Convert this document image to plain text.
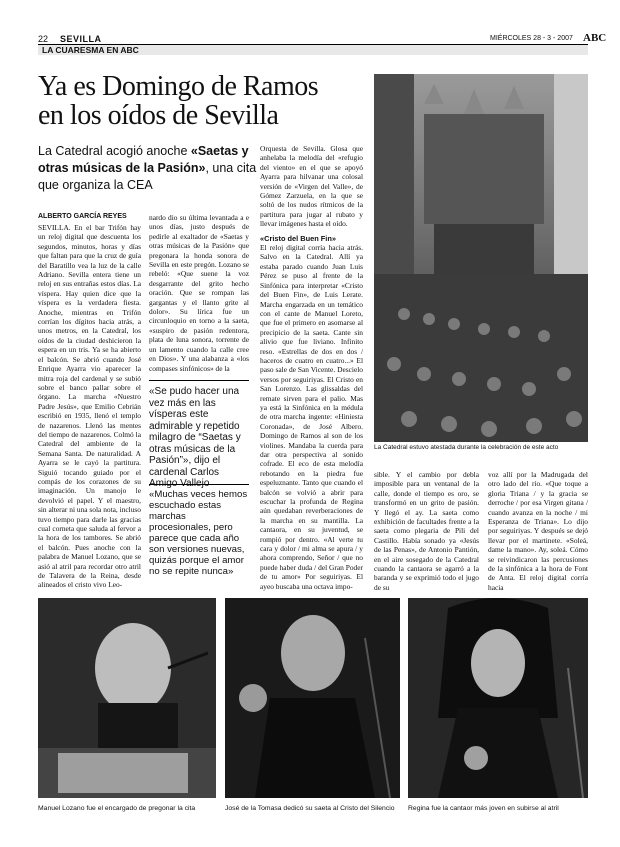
22 SEVILLA	MIÉRCOLES 28 - 3 - 2007 ABC
LA CUARESMA EN ABC
Ya es Domingo de Ramos
en los oídos de Sevilla
La Catedral acogió anoche «Saetas y otras músicas de la Pasión», una cita que organiza la CEA
ALBERTO GARCÍA REYES
SEVILLA. En el bar Trifón hay un reloj digital que descuenta los segundos, minutos, horas y días que faltan para que la cruz de guía del Baratillo vea la luz de la calle Adriano. Sevilla entera tiene un reloj en sus entrañas estos días. La víspera. Hay quien dice que la víspera es la verdadera fiesta. Anoche, mientras en Trifón corrían los dígitos hacia atrás, a unos metros, en la Catedral, los oídos de la ciudad deshicieron la espera en un tris. Ya se ha abierto el balcón. Se abrió cuando José Enrique Ayarra vio aparecer la mitra roja del cardenal y se subió sobre el banco pallar sobre el órgano. La marcha «Nuestro Padre Jesús», que Emilio Cebrián escribió en 1935, llenó el templo de nazarenos. Llenó las mentes del tiempo de nazarenos. Colmó la Catedral del ambiente de la Semana Santa. De naturalidad. A Ayarra se le cayó la partitura. Siguió tocando guiado por el compás de los corazones de su imaginación. Un manojo le devolvió el papel. Y el maestro, sin alterar ni una sola nota, incluso tuvo tiempo para darle las gracias cual corneta que saluda al fervor a la hora de los tambores. Se abrió el balcón. Pues anoche con la palabra de Manuel Lozano, que se asió al atril para recordar otro atril de Talavera de la Reina, desde alineados el cristo vivo Leo-
nardo dio su última levantada a e unos días, justo después de pedirle al exaltador de «Saetas y otras músicas de la Pasión» que pregonara la honda sonora de Sevilla en este pregón. Lozano se rebeló: «Que suene la voz desgarrante del grito hecho oración. Que se rompan las gargantas y el llanto grite al dolor». Su lírica fue un circunloquio en torno a la saeta, «suspiro de pasión redentora, plata de luna sonora, torrente de un lamento cuando la calle cree en Dios». Y una alabanza a «los compases sinfónicos» de la
«Se pudo hacer una vez más en las vísperas este admirable y repetido milagro de “Saetas y otras músicas de la Pasión”», dijo el cardenal Carlos
«Muchas veces hemos escuchado estas marchas procesionales, pero parece que cada año son versiones nuevas, quizás porque el amor no se repite nunca»
Orquesta de Sevilla. Glosa que anhelaba la melodía del «refugio del viento» en el que se apoyó Ayarra para hilvanar una colosal versión de «Virgen del Valle», de Gómez Zarzuela, en la que se soltó de los nudos rítmicos de la partitura para jugar al rubato y llevar imágenes hasta el oído.
«Cristo del Buen Fin»
El reloj digital corría hacia atrás. Salvo en la Catedral. Allí ya estaba parado cuando Juan Luis Pérez se puso al frente de la Sinfónica para interpretar «Cristo del Buen Fin», de Luis Lerate. Marcha engarzada en un temático con el cante de Manuel Loreto, que fue el primero en asomarse al precipicio de la saeta. Cante sin alivio que fue liviano. Infinito reso. «Estrellas de dos en dos / haceros de cuatro en cuatro...» El paso sale de San Vicente. Descielo versos por seguiriyas. El Cristo en San Lorenzo. Las glissaldas del remate sirven para el palio. Mas ya está la Sinfónica en la médula de otra marcha ingente: «Hiniesta Coronada», de José Albero. Domingo de Ramos al son de los violines. Mandaba la cuerda para dar otra perspectiva al sonido cofrade. El eco de esta melodía rebotando en la piedra fue espeluznante. Tanto que cuando el balcón se volvió a abrir para escuchar la profunda de Regina aún quedaban reverberaciones de la marcha en su mantilla. La cantaora, en su juventud, se rompió por dentro. «Al verte tu cara y dolor / mi alma se apura / y ahora comprendo, Señor / que no puede haber duda / del Gran Poder de tu amor» Por seguiriyas. El ayeo buscaba una octava impo-
sible. Y el cambio por debla imposible para un ventanal de la calle, donde el tiempo es oro, se transformó en un grito de pasión. Y llegó el ay. La saeta como exhibición de facultades frente a la saeta como plegaria de Pili del Castillo. Había sonado ya «Jesús de las Penas», de Antonio Pantión, en el aire sosegado de la Catedral cuando la cantaora se agarró a la baranda y se exprimió todo el jugo de su
voz allí por la Madrugada del otro lado del río. «Que toque a gloria Triana / y la gracia se derroche / por esa Virgen gitana / cuando avanza en la noche / mi Esperanza de Triana». Lo dijo por seguiriyas. Y después se dejó llevar por el martinete. «Soleá, dame la mano». Ay, soleá. Cómo se reivindicaron las percusiones de la sinfónica a la hora de Font de Anta. El reloj digital corría hacia
La Catedral estuvo atestada durante la celebración de este acto
Manuel Lozano fue el encargado de pregonar la cita	José de la Tomasa dedicó su saeta al Cristo del Silencio Regina fue la cantaor más joven en subirse al atril
